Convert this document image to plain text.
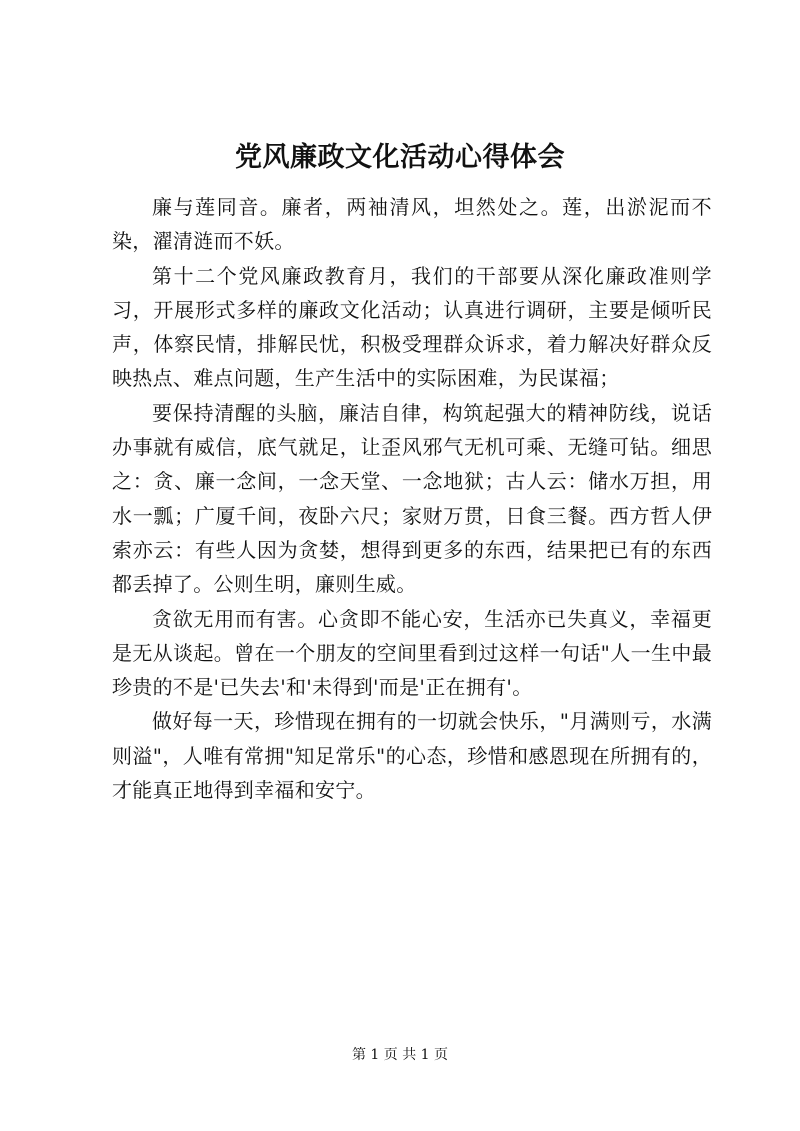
党风廉政文化活动心得体会

廉与莲同音。廉者，两袖清风，坦然处之。莲，出淤泥而不染，濯清涟而不妖。

第十二个党风廉政教育月，我们的干部要从深化廉政准则学习，开展形式多样的廉政文化活动；认真进行调研，主要是倾听民声，体察民情，排解民忧，积极受理群众诉求，着力解决好群众反映热点、难点问题，生产生活中的实际困难，为民谋福；

要保持清醒的头脑，廉洁自律，构筑起强大的精神防线，说话办事就有威信，底气就足，让歪风邪气无机可乘、无缝可钻。细思之：贪、廉一念间，一念天堂、一念地狱；古人云：储水万担，用水一瓢；广厦千间，夜卧六尺；家财万贯，日食三餐。西方哲人伊索亦云：有些人因为贪婪，想得到更多的东西，结果把已有的东西都丢掉了。公则生明，廉则生威。

贪欲无用而有害。心贪即不能心安，生活亦已失真义，幸福更是无从谈起。曾在一个朋友的空间里看到过这样一句话"人一生中最珍贵的不是'已失去'和'未得到'而是'正在拥有'。

做好每一天，珍惜现在拥有的一切就会快乐，"月满则亏，水满则溢"，人唯有常拥"知足常乐"的心态，珍惜和感恩现在所拥有的，才能真正地得到幸福和安宁。

第 1 页 共 1 页
